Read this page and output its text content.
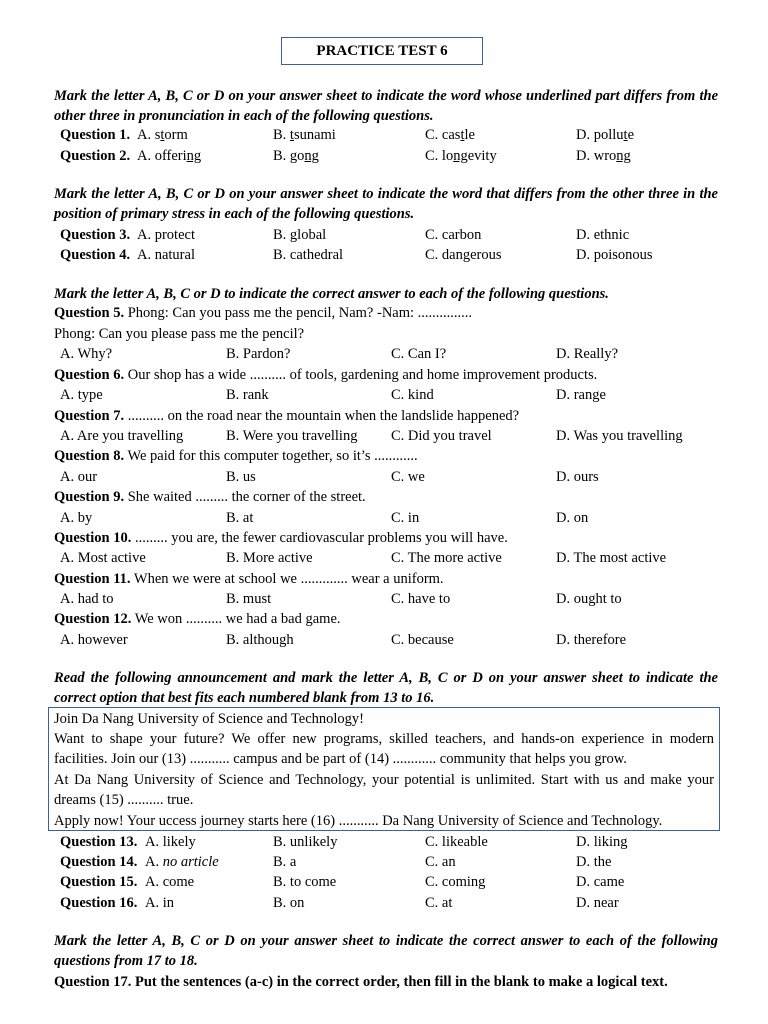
PRACTICE TEST 6
Mark the letter A, B, C or D on your answer sheet to indicate the word whose underlined part differs from the other three in pronunciation in each of the following questions.
Question 1. A. storm	B. tsunami	C. castle	D. pollute
Question 2. A. offering	B. gong	C. longevity	D. wrong
Mark the letter A, B, C or D on your answer sheet to indicate the word that differs from the other three in the position of primary stress in each of the following questions.
Question 3. A. protect	B. global	C. carbon	D. ethnic
Question 4. A. natural	B. cathedral	C. dangerous	D. poisonous
Mark the letter A, B, C or D to indicate the correct answer to each of the following questions.
Question 5. Phong: Can you pass me the pencil, Nam? -Nam: ...............
Phong: Can you please pass me the pencil?
A. Why?	B. Pardon?	C. Can I?	D. Really?
Question 6. Our shop has a wide .......... of tools, gardening and home improvement products.
A. type	B. rank	C. kind	D. range
Question 7. .......... on the road near the mountain when the landslide happened?
A. Are you travelling	B. Were you travelling C. Did you travel	D. Was you travelling
Question 8. We paid for this computer together, so it’s ............
A. our	B. us	C. we	D. ours
Question 9. She waited ......... the corner of the street.
A. by	B. at	C. in	D. on
Question 10. ......... you are, the fewer cardiovascular problems you will have.
A. Most active	B. More active	C. The more active	D. The most active
Question 11. When we were at school we ............. wear a uniform.
A. had to	B. must	C. have to	D. ought to
Question 12. We won .......... we had a bad game.
A. however	B. although	C. because	D. therefore
Read the following announcement and mark the letter A, B, C or D on your answer sheet to indicate the correct option that best fits each numbered blank from 13 to 16.
Join Da Nang University of Science and Technology!
Want to shape your future? We offer new programs, skilled teachers, and hands-on experience in modern facilities. Join our (13) ........... campus and be part of (14) ............ community that helps you grow.
At Da Nang University of Science and Technology, your potential is unlimited. Start with us and make your dreams (15) .......... true.
Apply now! Your uccess journey starts here (16) ........... Da Nang University of Science and Technology.
Question 13. A. likely	B. unlikely	C. likeable	D. liking
Question 14. A. no article	B. a	C. an	D. the
Question 15. A. come	B. to come	C. coming	D. came
Question 16. A. in	B. on	C. at	D. near
Mark the letter A, B, C or D on your answer sheet to indicate the correct answer to each of the following questions from 17 to 18.
Question 17. Put the sentences (a-c) in the correct order, then fill in the blank to make a logical text.
